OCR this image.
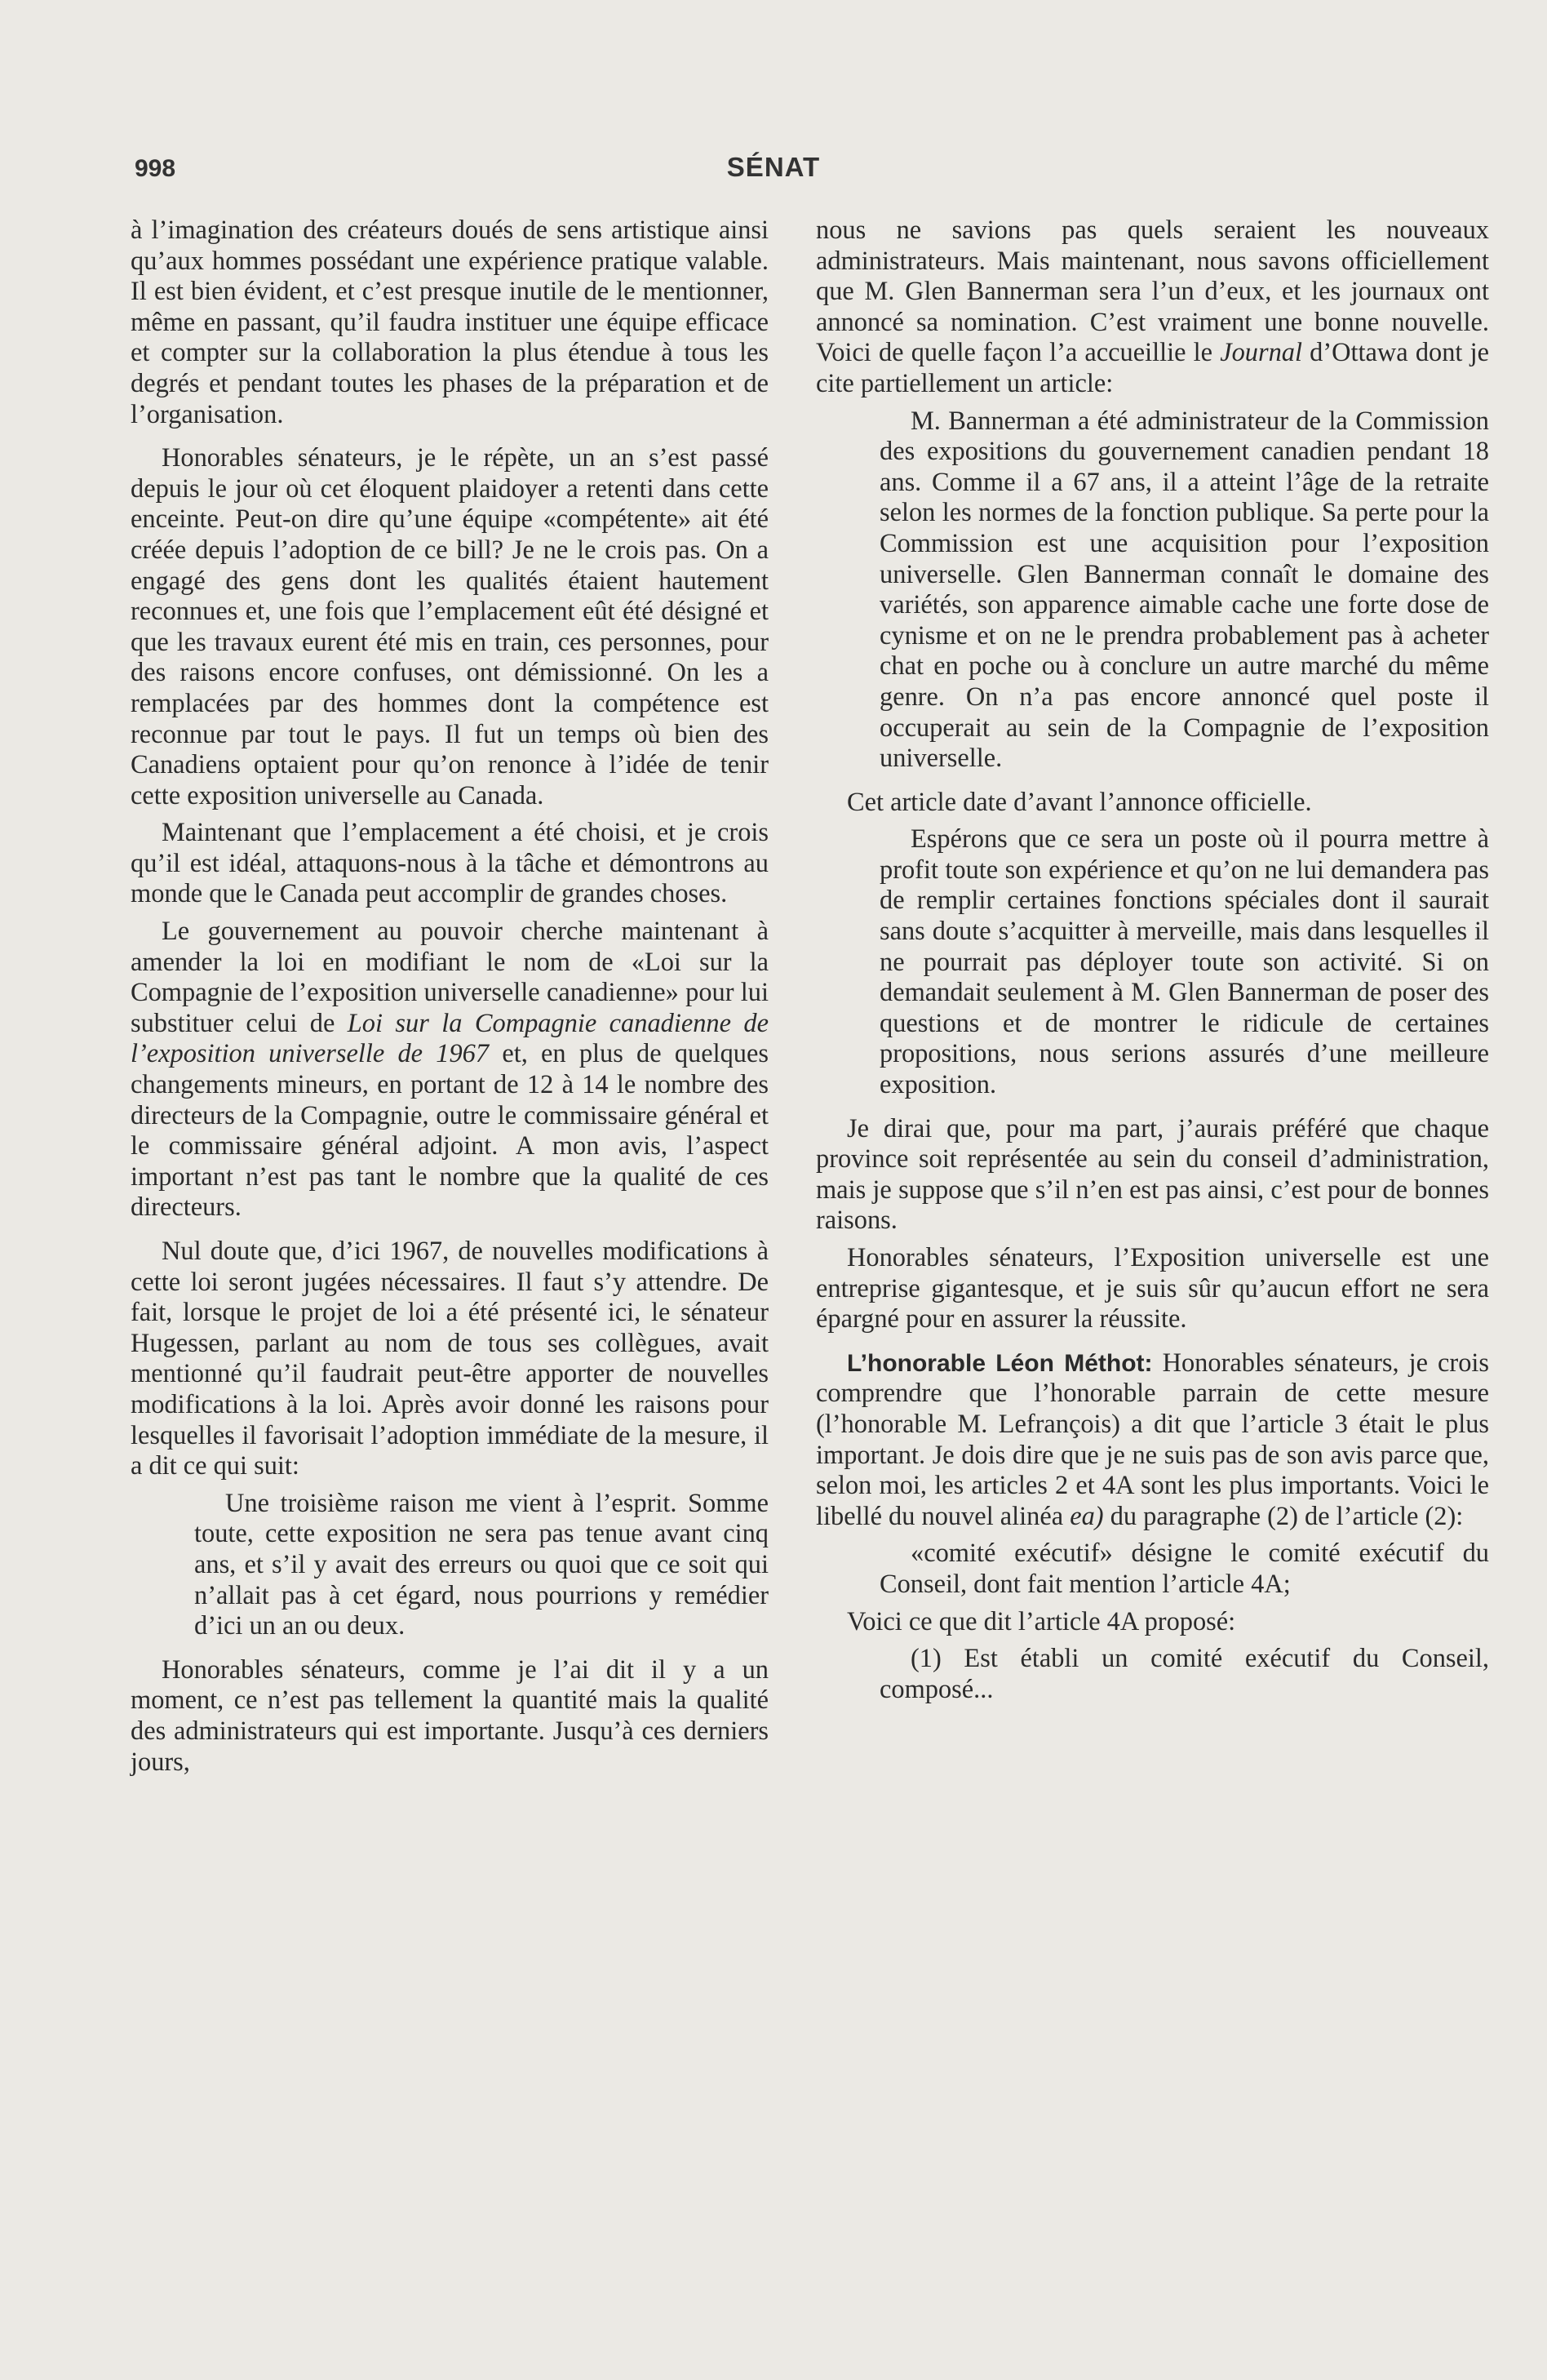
998	SÉNAT

à l’imagination des créateurs doués de sens artistique ainsi qu’aux hommes possédant une expérience pratique valable. Il est bien évident, et c’est presque inutile de le mentionner, même en passant, qu’il faudra instituer une équipe efficace et compter sur la collaboration la plus étendue à tous les degrés et pendant toutes les phases de la préparation et de l’organisation.

Honorables sénateurs, je le répète, un an s’est passé depuis le jour où cet éloquent plaidoyer a retenti dans cette enceinte. Peut-on dire qu’une équipe «compétente» ait été créée depuis l’adoption de ce bill? Je ne le crois pas. On a engagé des gens dont les qualités étaient hautement reconnues et, une fois que l’emplacement eût été désigné et que les travaux eurent été mis en train, ces personnes, pour des raisons encore confuses, ont démissionné. On les a remplacées par des hommes dont la compétence est reconnue par tout le pays. Il fut un temps où bien des Canadiens optaient pour qu’on renonce à l’idée de tenir cette exposition universelle au Canada.

Maintenant que l’emplacement a été choisi, et je crois qu’il est idéal, attaquons-nous à la tâche et démontrons au monde que le Canada peut accomplir de grandes choses.

Le gouvernement au pouvoir cherche maintenant à amender la loi en modifiant le nom de «Loi sur la Compagnie de l’exposition universelle canadienne» pour lui substituer celui de Loi sur la Compagnie canadienne de l’exposition universelle de 1967 et, en plus de quelques changements mineurs, en portant de 12 à 14 le nombre des directeurs de la Compagnie, outre le commissaire général et le commissaire général adjoint. A mon avis, l’aspect important n’est pas tant le nombre que la qualité de ces directeurs.

Nul doute que, d’ici 1967, de nouvelles modifications à cette loi seront jugées nécessaires. Il faut s’y attendre. De fait, lorsque le projet de loi a été présenté ici, le sénateur Hugessen, parlant au nom de tous ses collègues, avait mentionné qu’il faudrait peut-être apporter de nouvelles modifications à la loi. Après avoir donné les raisons pour lesquelles il favorisait l’adoption immédiate de la mesure, il a dit ce qui suit:

Une troisième raison me vient à l’esprit. Somme toute, cette exposition ne sera pas tenue avant cinq ans, et s’il y avait des erreurs ou quoi que ce soit qui n’allait pas à cet égard, nous pourrions y remédier d’ici un an ou deux.

Honorables sénateurs, comme je l’ai dit il y a un moment, ce n’est pas tellement la quantité mais la qualité des administrateurs qui est importante. Jusqu’à ces derniers jours,

nous ne savions pas quels seraient les nouveaux administrateurs. Mais maintenant, nous savons officiellement que M. Glen Bannerman sera l’un d’eux, et les journaux ont annoncé sa nomination. C’est vraiment une bonne nouvelle. Voici de quelle façon l’a accueillie le Journal d’Ottawa dont je cite partiellement un article:

M. Bannerman a été administrateur de la Commission des expositions du gouvernement canadien pendant 18 ans. Comme il a 67 ans, il a atteint l’âge de la retraite selon les normes de la fonction publique. Sa perte pour la Commission est une acquisition pour l’exposition universelle. Glen Bannerman connaît le domaine des variétés, son apparence aimable cache une forte dose de cynisme et on ne le prendra probablement pas à acheter chat en poche ou à conclure un autre marché du même genre. On n’a pas encore annoncé quel poste il occuperait au sein de la Compagnie de l’exposition universelle.

Cet article date d’avant l’annonce officielle.

Espérons que ce sera un poste où il pourra mettre à profit toute son expérience et qu’on ne lui demandera pas de remplir certaines fonctions spéciales dont il saurait sans doute s’acquitter à merveille, mais dans lesquelles il ne pourrait pas déployer toute son activité. Si on demandait seulement à M. Glen Bannerman de poser des questions et de montrer le ridicule de certaines propositions, nous serions assurés d’une meilleure exposition.

Je dirai que, pour ma part, j’aurais préféré que chaque province soit représentée au sein du conseil d’administration, mais je suppose que s’il n’en est pas ainsi, c’est pour de bonnes raisons.

Honorables sénateurs, l’Exposition universelle est une entreprise gigantesque, et je suis sûr qu’aucun effort ne sera épargné pour en assurer la réussite.

L’honorable Léon Méthot: Honorables sénateurs, je crois comprendre que l’honorable parrain de cette mesure (l’honorable M. Lefrançois) a dit que l’article 3 était le plus important. Je dois dire que je ne suis pas de son avis parce que, selon moi, les articles 2 et 4A sont les plus importants. Voici le libellé du nouvel alinéa ea) du paragraphe (2) de l’article (2):

«comité exécutif» désigne le comité exécutif du Conseil, dont fait mention l’article 4A;

Voici ce que dit l’article 4A proposé:

(1) Est établi un comité exécutif du Conseil, composé...
